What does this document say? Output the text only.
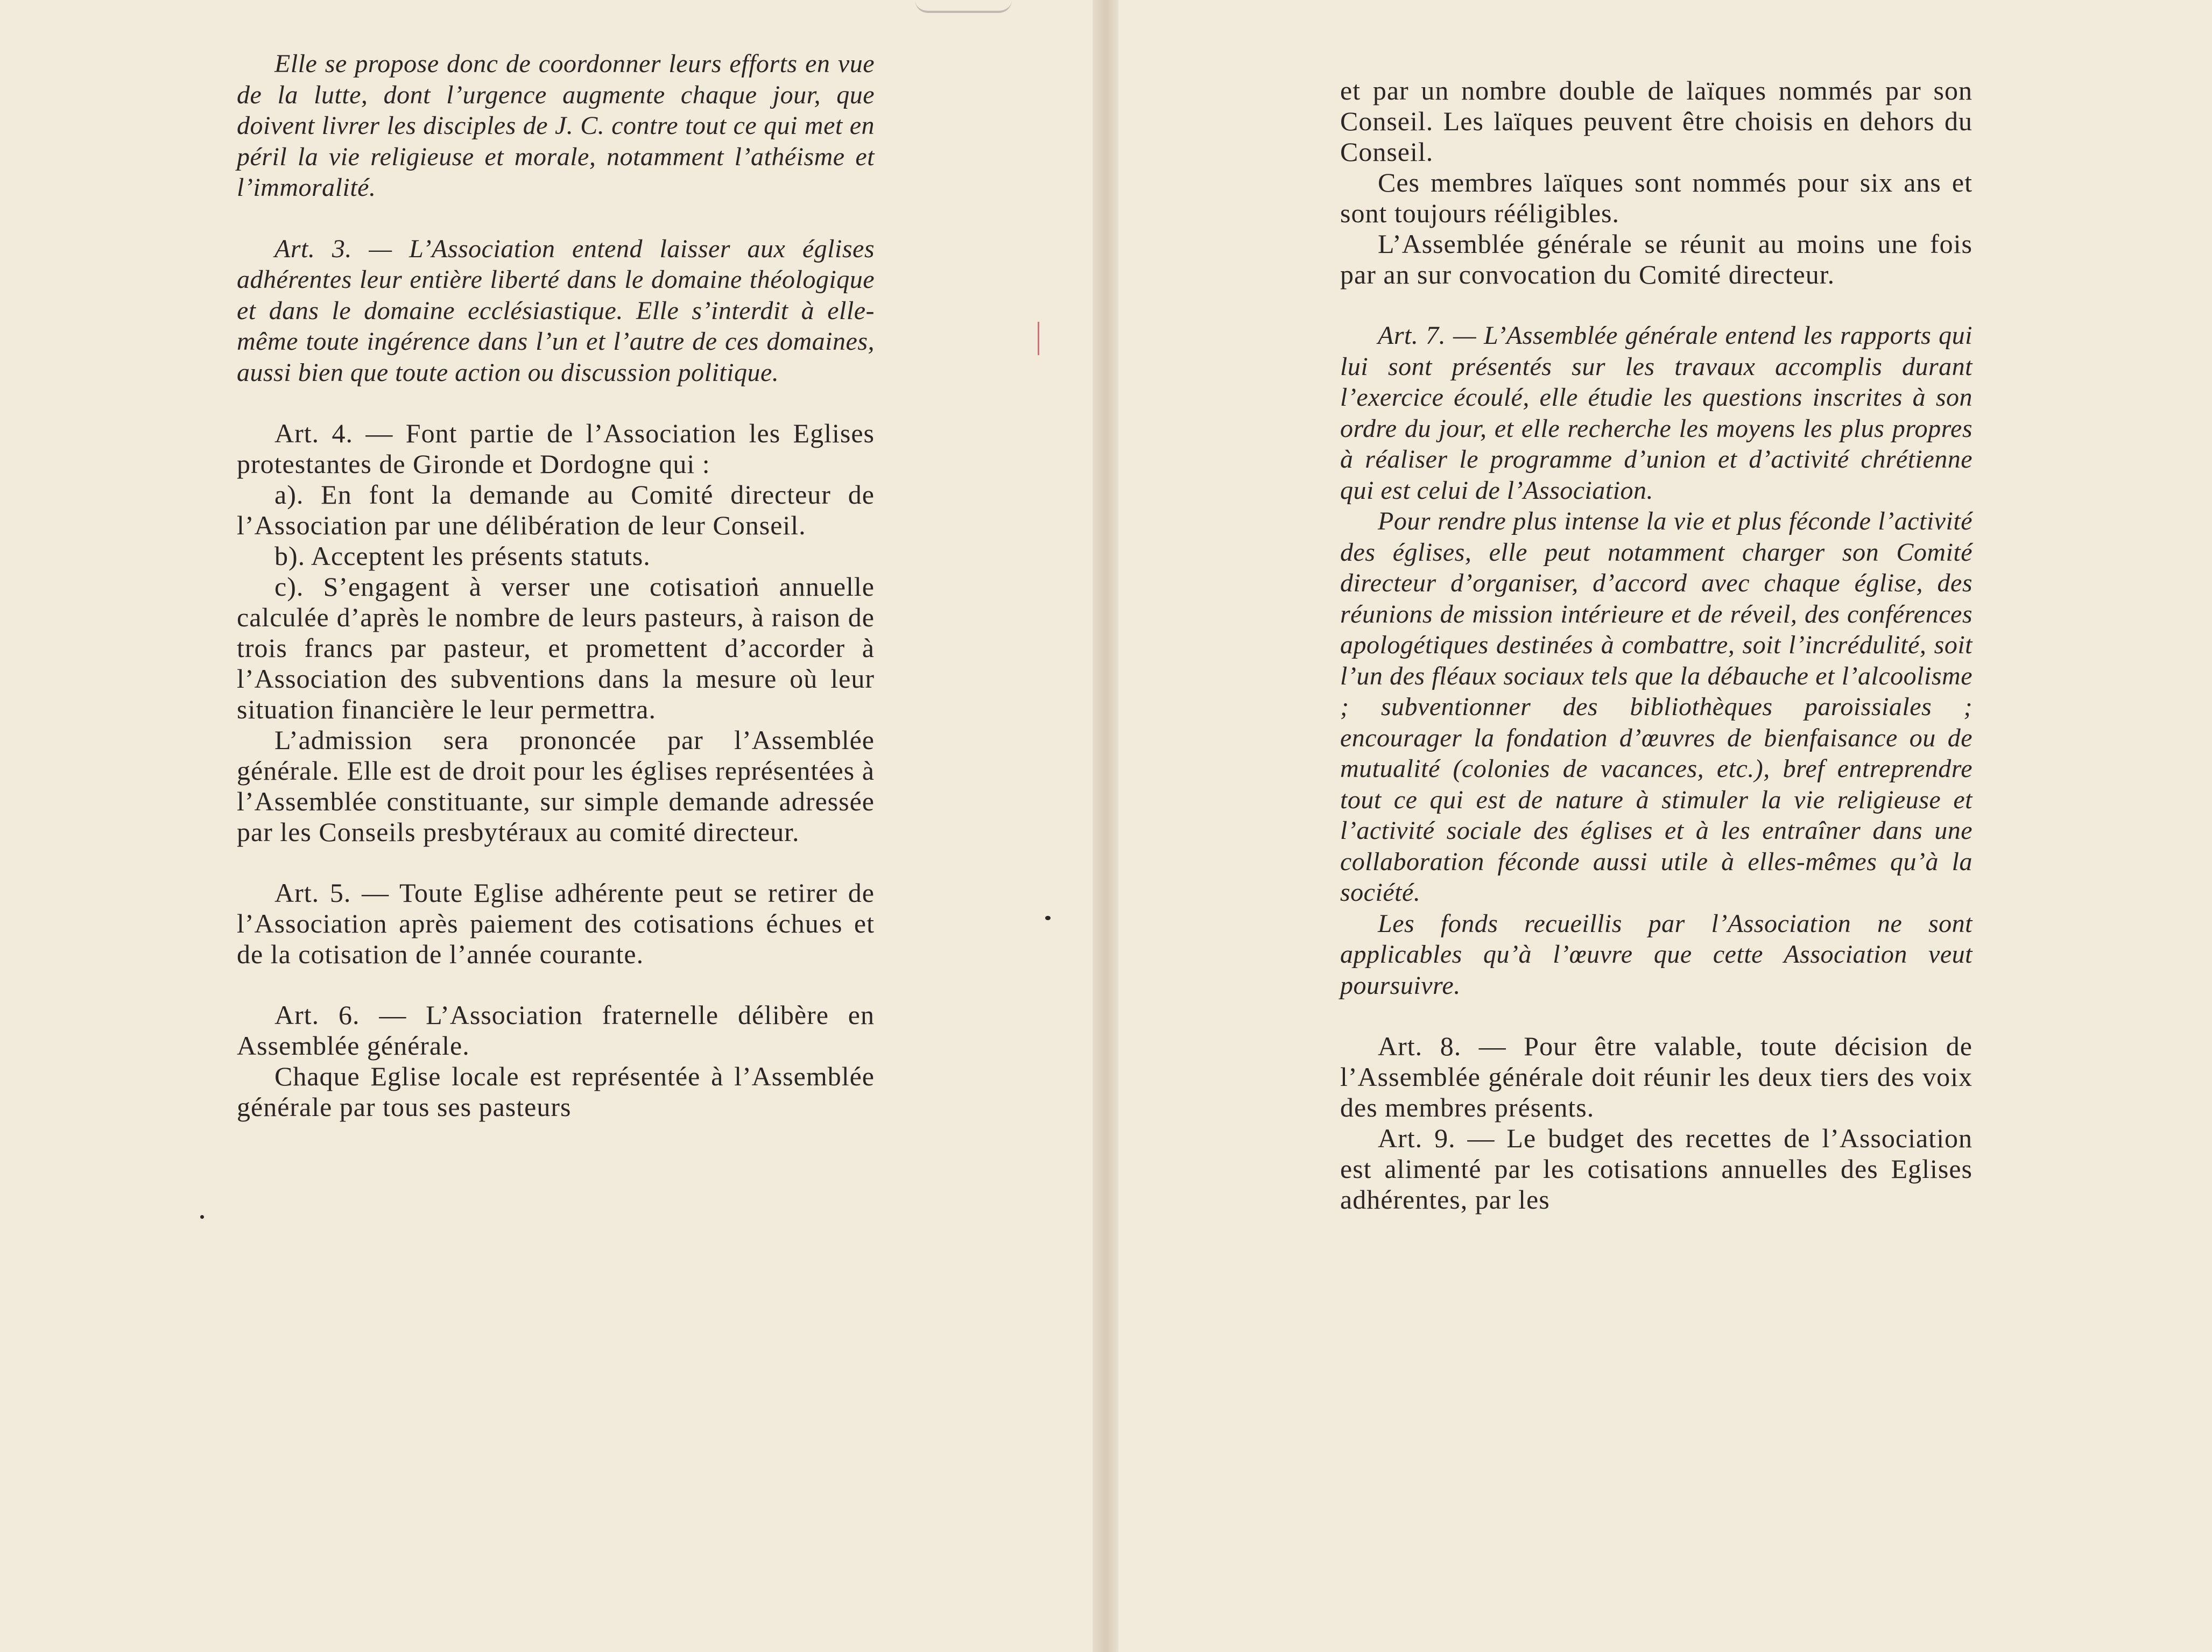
Elle se propose donc de coordonner leurs efforts en vue de la lutte, dont l’urgence augmente chaque jour, que doivent livrer les disciples de J. C. contre tout ce qui met en péril la vie religieuse et morale, notamment l’athéisme et l’immoralité.

Art. 3. — L’Association entend laisser aux églises adhérentes leur entière liberté dans le domaine théologique et dans le domaine ecclésiastique. Elle s’interdit à elle-même toute ingérence dans l’un et l’autre de ces domaines, aussi bien que toute action ou discussion politique.

Art. 4. — Font partie de l’Association les Eglises protestantes de Gironde et Dordogne qui :

a). En font la demande au Comité directeur de l’Association par une délibération de leur Conseil.

b). Acceptent les présents statuts.

c). S’engagent à verser une cotisation annuelle calculée d’après le nombre de leurs pasteurs, à raison de trois francs par pasteur, et promettent d’accorder à l’Association des subventions dans la mesure où leur situation financière le leur permettra.

L’admission sera prononcée par l’Assemblée générale. Elle est de droit pour les églises représentées à l’Assemblée constituante, sur simple demande adressée par les Conseils presbytéraux au comité directeur.

Art. 5. — Toute Eglise adhérente peut se retirer de l’Association après paiement des cotisations échues et de la cotisation de l’année courante.

Art. 6. — L’Association fraternelle délibère en Assemblée générale.

Chaque Eglise locale est représentée à l’Assemblée générale par tous ses pasteurs

et par un nombre double de laïques nommés par son Conseil. Les laïques peuvent être choisis en dehors du Conseil.

Ces membres laïques sont nommés pour six ans et sont toujours rééligibles.

L’Assemblée générale se réunit au moins une fois par an sur convocation du Comité directeur.

Art. 7. — L’Assemblée générale entend les rapports qui lui sont présentés sur les travaux accomplis durant l’exercice écoulé, elle étudie les questions inscrites à son ordre du jour, et elle recherche les moyens les plus propres à réaliser le programme d’union et d’activité chrétienne qui est celui de l’Association.

Pour rendre plus intense la vie et plus féconde l’activité des églises, elle peut notamment charger son Comité directeur d’organiser, d’accord avec chaque église, des réunions de mission intérieure et de réveil, des conférences apologétiques destinées à combattre, soit l’incrédulité, soit l’un des fléaux sociaux tels que la débauche et l’alcoolisme ; subventionner des bibliothèques paroissiales ; encourager la fondation d’œuvres de bienfaisance ou de mutualité (colonies de vacances, etc.), bref entreprendre tout ce qui est de nature à stimuler la vie religieuse et l’activité sociale des églises et à les entraîner dans une collaboration féconde aussi utile à elles-mêmes qu’à la société.

Les fonds recueillis par l’Association ne sont applicables qu’à l’œuvre que cette Association veut poursuivre.

Art. 8. — Pour être valable, toute décision de l’Assemblée générale doit réunir les deux tiers des voix des membres présents.

Art. 9. — Le budget des recettes de l’Association est alimenté par les cotisations annuelles des Eglises adhérentes, par les
